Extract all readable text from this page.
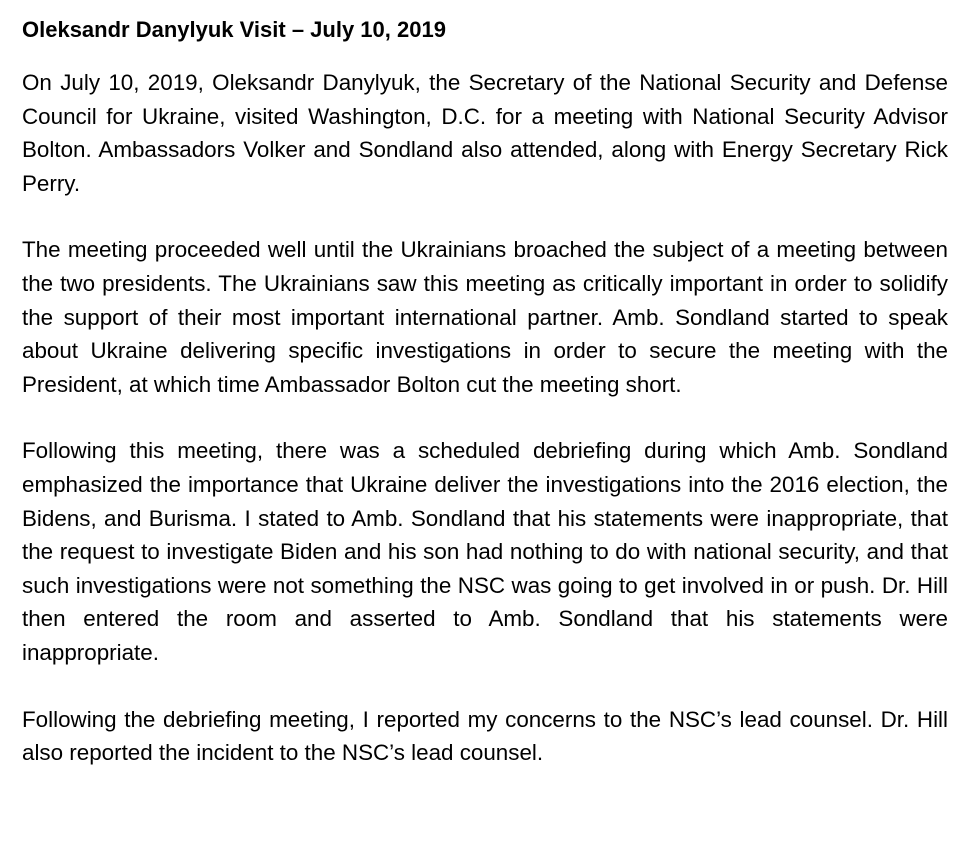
Oleksandr Danylyuk Visit – July 10, 2019

On July 10, 2019, Oleksandr Danylyuk, the Secretary of the National Security and Defense Council for Ukraine, visited Washington, D.C. for a meeting with National Security Advisor Bolton. Ambassadors Volker and Sondland also attended, along with Energy Secretary Rick Perry.

The meeting proceeded well until the Ukrainians broached the subject of a meeting between the two presidents. The Ukrainians saw this meeting as critically important in order to solidify the support of their most important international partner. Amb. Sondland started to speak about Ukraine delivering specific investigations in order to secure the meeting with the President, at which time Ambassador Bolton cut the meeting short.

Following this meeting, there was a scheduled debriefing during which Amb. Sondland emphasized the importance that Ukraine deliver the investigations into the 2016 election, the Bidens, and Burisma. I stated to Amb. Sondland that his statements were inappropriate, that the request to investigate Biden and his son had nothing to do with national security, and that such investigations were not something the NSC was going to get involved in or push. Dr. Hill then entered the room and asserted to Amb. Sondland that his statements were inappropriate.

Following the debriefing meeting, I reported my concerns to the NSC’s lead counsel. Dr. Hill also reported the incident to the NSC’s lead counsel.
